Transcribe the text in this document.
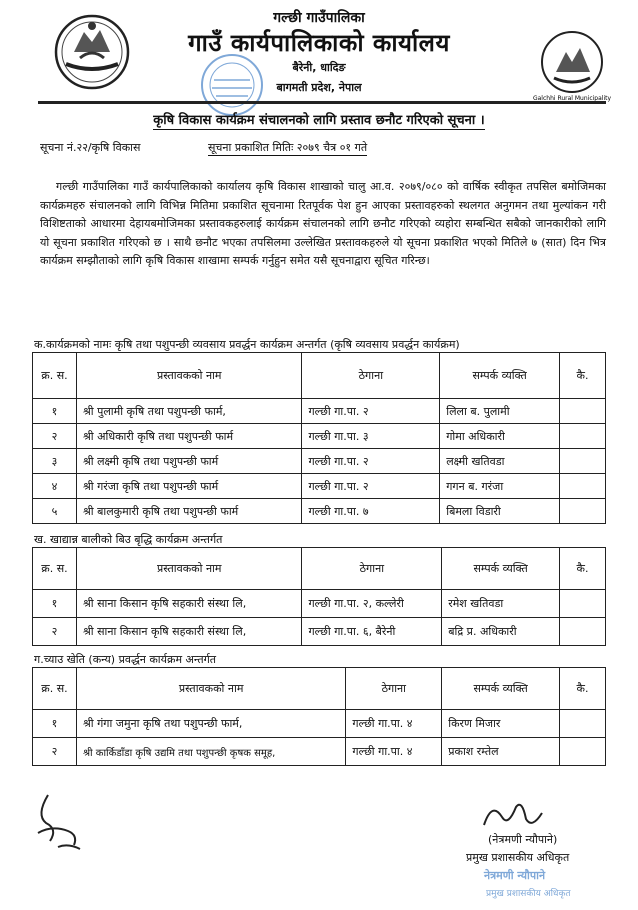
Galchhi Rural Municipality
गल्छी गाउँपालिका
गाउँ कार्यपालिकाको कार्यालय
बैरेनी, धादिङ
बागमती प्रदेश, नेपाल
कृषि विकास कार्यक्रम संचालनको लागि प्रस्ताव छनौट गरिएको सूचना ।
सूचना नं.२२/कृषि विकास	सूचना प्रकाशित मितिः २०७९ चैत्र ०१ गते

गल्छी गाउँपालिका गाउँ कार्यपालिकाको कार्यालय कृषि विकास शाखाको चालु आ.व. २०७९/०८० को वार्षिक स्वीकृत तपसिल बमोजिमका कार्यक्रमहरु संचालनको लागि विभिन्न मितिमा प्रकाशित सूचनामा रितपूर्वक पेश हुन आएका प्रस्तावहरुको स्थलगत अनुगमन तथा मुल्यांकन गरी विशिष्टताको आधारमा देहायबमोजिमका प्रस्तावकहरुलाई कार्यक्रम संचालनको लागि छनौट गरिएको व्यहोरा सम्बन्धित सबैको जानकारीको लागि यो सूचना प्रकाशित गरिएको छ । साथै छनौट भएका तपसिलमा उल्लेखित प्रस्तावकहरुले यो सूचना प्रकाशित भएको मितिले ७ (सात) दिन भित्र कार्यक्रम सम्झौताको लागि कृषि विकास शाखामा सम्पर्क गर्नुहुन समेत यसै सूचनाद्वारा सूचित गरिन्छ।

क.कार्यक्रमको नामः कृषि तथा पशुपन्छी व्यवसाय प्रवर्द्धन कार्यक्रम अन्तर्गत (कृषि व्यवसाय प्रवर्द्धन कार्यक्रम)
क्र. स.	प्रस्तावकको नाम	ठेगाना	सम्पर्क व्यक्ति	कै.
१	श्री पुलामी कृषि तथा पशुपन्छी फार्म,	गल्छी गा.पा. २	लिला ब. पुलामी	
२	श्री अधिकारी कृषि तथा पशुपन्छी फार्म	गल्छी गा.पा. ३	गोमा अधिकारी	
३	श्री लक्ष्मी कृषि तथा पशुपन्छी फार्म	गल्छी गा.पा. २	लक्ष्मी खतिवडा	
४	श्री गरंजा कृषि तथा पशुपन्छी फार्म	गल्छी गा.पा. २	गगन ब. गरंजा	
५	श्री बालकुमारी कृषि तथा पशुपन्छी फार्म	गल्छी गा.पा. ७	बिमला विडारी	
ख. खाद्यान्न बालीको बिउ बृद्धि कार्यक्रम अन्तर्गत
क्र. स.	प्रस्तावकको नाम	ठेगाना	सम्पर्क व्यक्ति	कै.
१	श्री साना किसान कृषि सहकारी संस्था लि,	गल्छी गा.पा. २, कल्लेरी	रमेश खतिवडा	
२	श्री साना किसान कृषि सहकारी संस्था लि,	गल्छी गा.पा. ६, बैरेनी	बद्रि प्र. अधिकारी	
ग.च्याउ खेति (कन्य) प्रवर्द्धन कार्यक्रम अन्तर्गत
क्र. स.	प्रस्तावकको नाम	ठेगाना	सम्पर्क व्यक्ति	कै.
१	श्री गंगा जमुना कृषि तथा पशुपन्छी फार्म,	गल्छी गा.पा. ४	किरण मिजार	
२	श्री कार्किडाँडा कृषि उद्यमि तथा पशुपन्छी कृषक समूह,	गल्छी गा.पा. ४	प्रकाश रम्तेल	
(नेत्रमणी न्यौपाने)
प्रमुख प्रशासकीय अधिकृत
नेत्रमणी न्यौपाने
प्रमुख प्रशासकीय अधिकृत
